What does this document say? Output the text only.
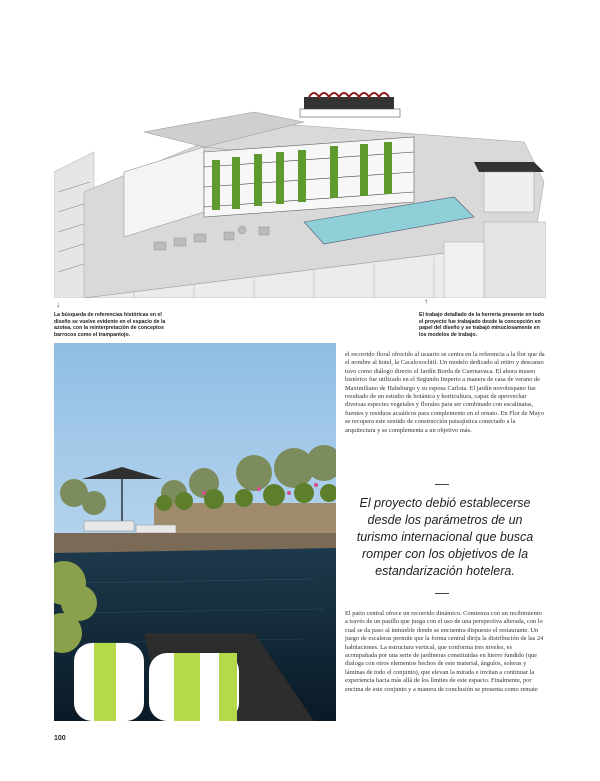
↓
La búsqueda de referencias históricas en el diseño se vuelve evidente en el espacio de la azotea, con la reinterpretación de conceptos barrocos como el trampantojo.
↑
El trabajo detallado de la herrería presente en todo el proyecto fue trabajado desde la concepción en papel del diseño y se trabajó minuciosamente en los modelos de trabajo.

el recorrido floral ofrecido al usuario se centra en la referencia a la flor que da el nombre al hotel, la Cacaloxochitl. Un modelo dedicado al retiro y descanso tuvo como diálogo directo el Jardín Borda de Cuernavaca. El ahora museo histórico fue utilizado en el Segundo Imperio a manera de casa de verano de Maximiliano de Habsburgo y su esposa Carlota. El jardín novohispano fue resultado de un estudio de botánica y horticultura, capaz de aprovechar diversas especies vegetales y florales para ser combinado con escalinatas, fuentes y residuos acuáticos para complemento en el ornato. En Flor de Mayo se recupera este sentido de construcción paisajística conectado a la arquitectura y se complementa a un objetivo más.

El proyecto debió establecerse desde los parámetros de un turismo internacional que busca romper con los objetivos de la estandarización hotelera.

El patio central ofrece un recorrido dinámico. Comienza con un recibimiento a través de un pasillo que juega con el uso de una perspectiva alterada, con lo cual se da paso al inmueble donde se encuentra dispuesto el restaurante. Un juego de escaleras permite que la forma central dirija la distribución de las 24 habitaciones. La estructura vertical, que conforma tres niveles, es acompañada por una serie de jardineras constituidas en hierro fundido (que dialoga con otros elementos hechos de este material, ángulos, soleras y láminas de todo el conjunto), que elevan la mirada e invitan a continuar la experiencia hacia más allá de los límites de este espacio. Finalmente, por encima de este conjunto y a manera de conclusión se presenta como remate

100
